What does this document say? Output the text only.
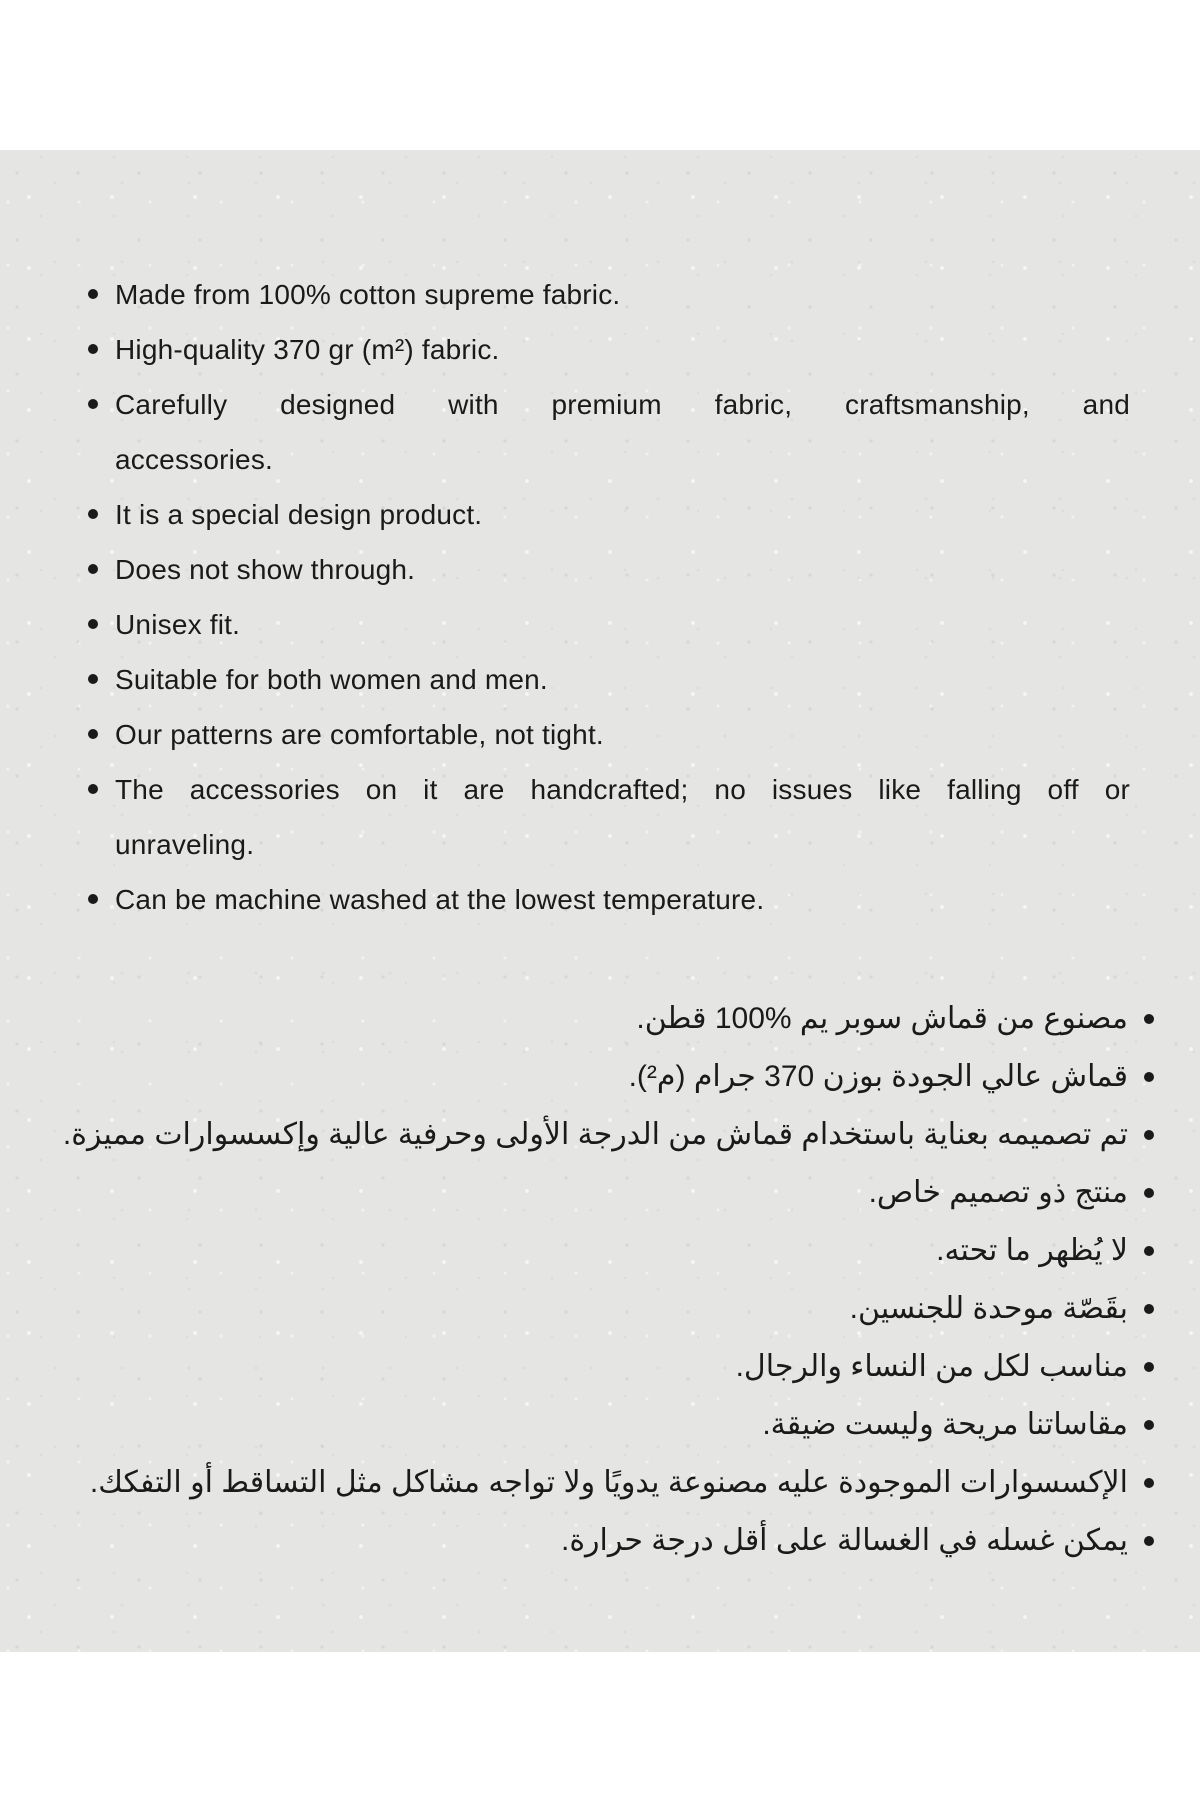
Made from 100% cotton supreme fabric.
High-quality 370 gr (m²) fabric.
Carefully designed with premium fabric, craftsmanship, and
accessories.
It is a special design product.
Does not show through.
Unisex fit.
Suitable for both women and men.
Our patterns are comfortable, not tight.
The accessories on it are handcrafted; no issues like falling off or
unraveling.
Can be machine washed at the lowest temperature.
مصنوع من قماش سوبر يم %100 قطن.
قماش عالي الجودة بوزن 370 جرام (م²).
تم تصميمه بعناية باستخدام قماش من الدرجة الأولى وحرفية عالية وإكسسوارات مميزة.
منتج ذو تصميم خاص.
لا يُظهر ما تحته.
بقَصّة موحدة للجنسين.
مناسب لكل من النساء والرجال.
مقاساتنا مريحة وليست ضيقة.
الإكسسوارات الموجودة عليه مصنوعة يدويًا ولا تواجه مشاكل مثل التساقط أو التفكك.
يمكن غسله في الغسالة على أقل درجة حرارة.
